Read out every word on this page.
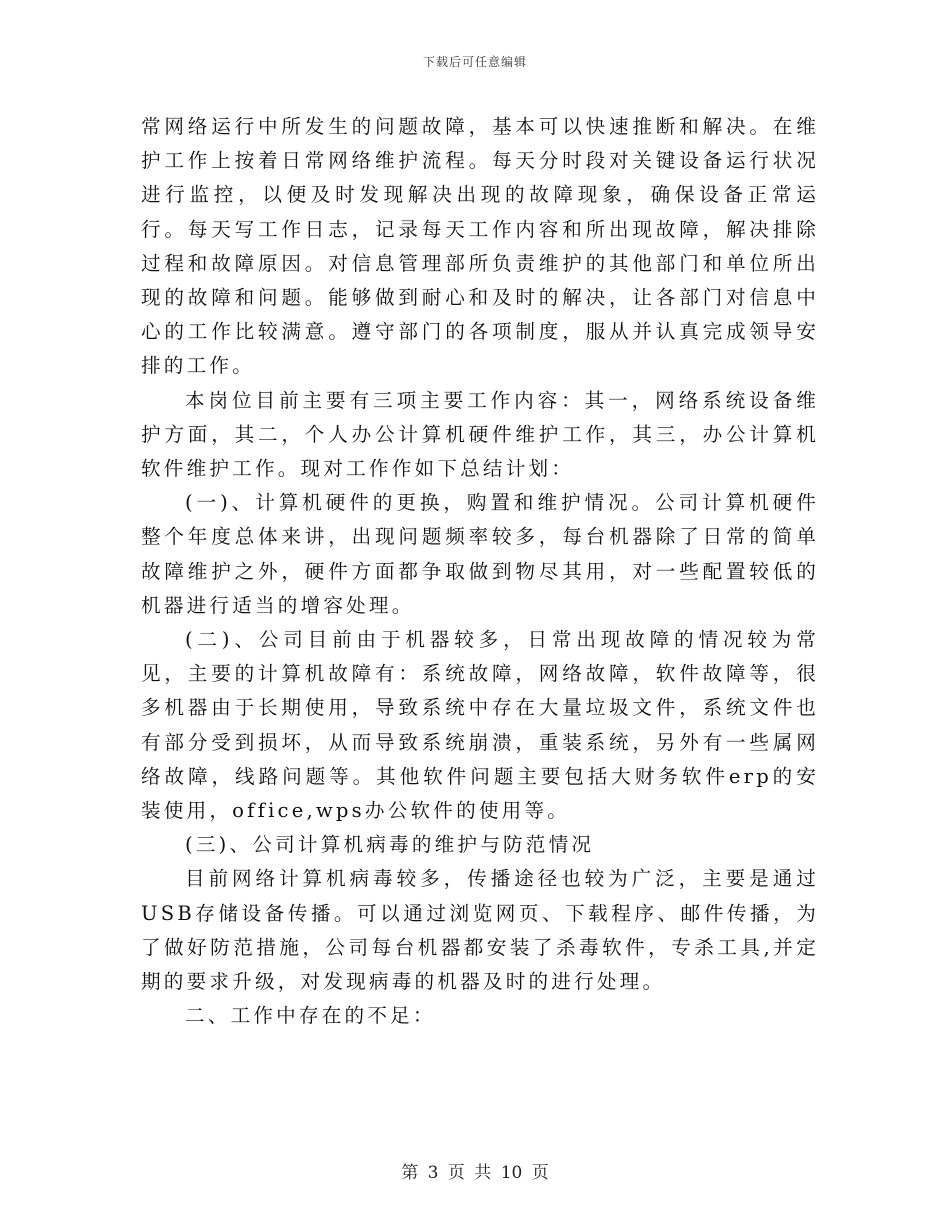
下载后可任意编辑

常网络运行中所发生的问题故障，基本可以快速推断和解决。在维护工作上按着日常网络维护流程。每天分时段对关键设备运行状况进行监控，以便及时发现解决出现的故障现象，确保设备正常运行。每天写工作日志，记录每天工作内容和所出现故障，解决排除过程和故障原因。对信息管理部所负责维护的其他部门和单位所出现的故障和问题。能够做到耐心和及时的解决，让各部门对信息中心的工作比较满意。遵守部门的各项制度，服从并认真完成领导安排的工作。

本岗位目前主要有三项主要工作内容：其一，网络系统设备维护方面，其二，个人办公计算机硬件维护工作，其三，办公计算机软件维护工作。现对工作作如下总结计划：

(一)、计算机硬件的更换，购置和维护情况。公司计算机硬件整个年度总体来讲，出现问题频率较多，每台机器除了日常的简单故障维护之外，硬件方面都争取做到物尽其用，对一些配置较低的机器进行适当的增容处理。

(二)、公司目前由于机器较多，日常出现故障的情况较为常见，主要的计算机故障有：系统故障，网络故障，软件故障等，很多机器由于长期使用，导致系统中存在大量垃圾文件，系统文件也有部分受到损坏，从而导致系统崩溃，重装系统，另外有一些属网络故障，线路问题等。其他软件问题主要包括大财务软件erp的安装使用，office,wps办公软件的使用等。

(三)、公司计算机病毒的维护与防范情况

目前网络计算机病毒较多，传播途径也较为广泛，主要是通过USB存储设备传播。可以通过浏览网页、下载程序、邮件传播，为了做好防范措施，公司每台机器都安装了杀毒软件，专杀工具,并定期的要求升级，对发现病毒的机器及时的进行处理。

二、工作中存在的不足：

第 3 页 共 10 页
